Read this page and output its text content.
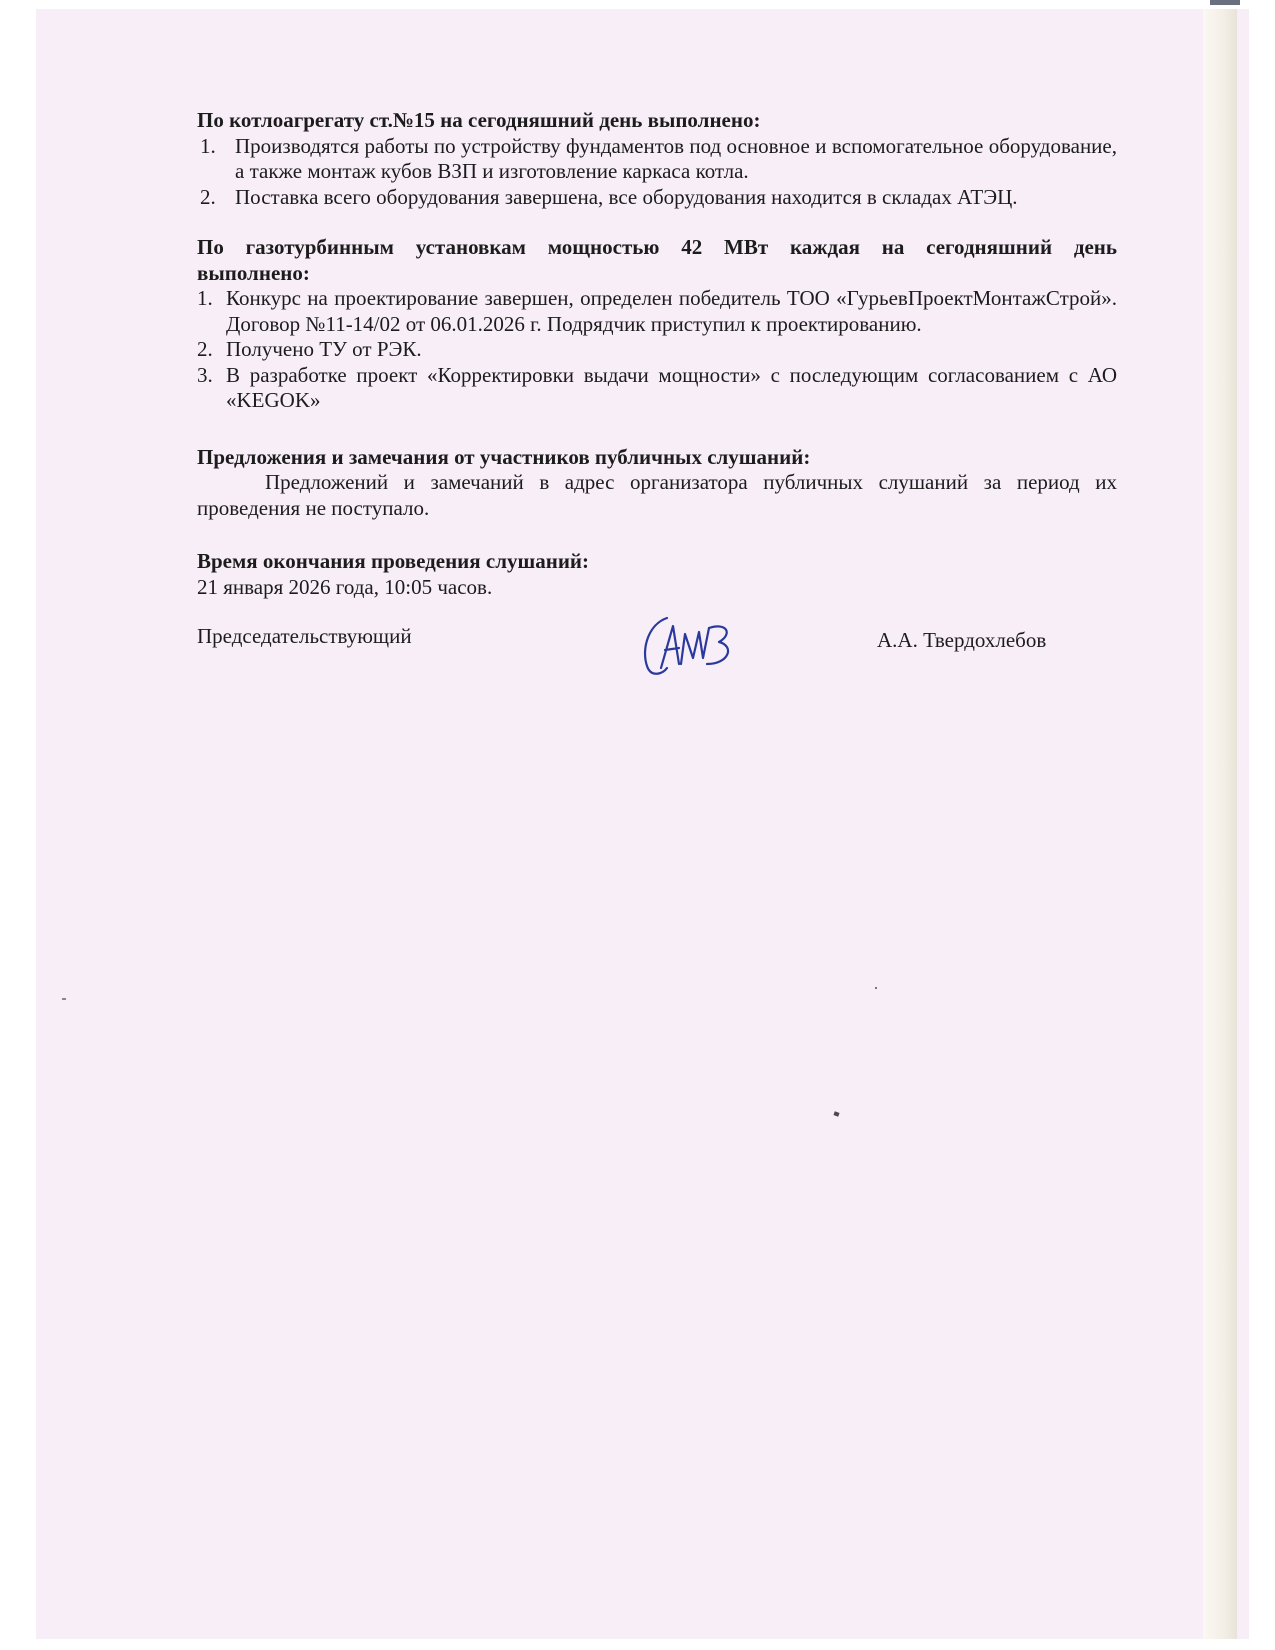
По котлоагрегату ст.№15 на сегодняшний день выполнено:

1. Производятся работы по устройству фундаментов под основное и вспомогательное оборудование, а также монтаж кубов ВЗП и изготовление каркаса котла.
2. Поставка всего оборудования завершена, все оборудования находится в складах АТЭЦ.

По газотурбинным установкам мощностью 42 МВт каждая на сегодняшний день выполнено:

1. Конкурс на проектирование завершен, определен победитель ТОО «ГурьевПроектМонтажСтрой». Договор №11-14/02 от 06.01.2026 г. Подрядчик приступил к проектированию.
2. Получено ТУ от РЭК.
3. В разработке проект «Корректировки выдачи мощности» с последующим согласованием с АО «KEGOK»

Предложения и замечания от участников публичных слушаний:

Предложений и замечаний в адрес организатора публичных слушаний за период их проведения не поступало.

Время окончания проведения слушаний:

21 января 2026 года, 10:05 часов.

Председательствующий	А.А. Твердохлебов
